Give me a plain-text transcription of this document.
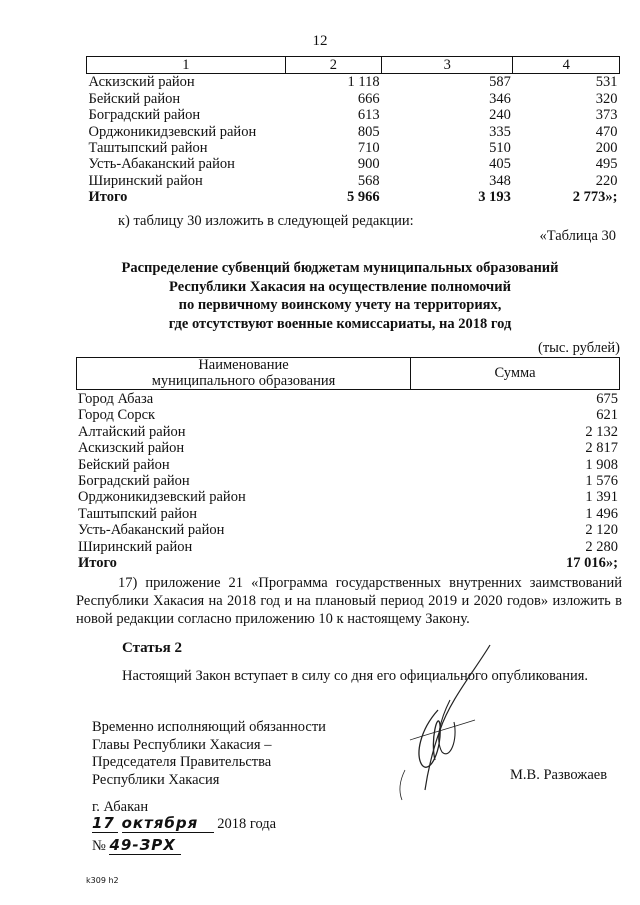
12
1	2	3	4
Аскизский район	1 118	587	531
Бейский район	666	346	320
Боградский район	613	240	373
Орджоникидзевский район	805	335	470
Таштыпский район	710	510	200
Усть-Абаканский район	900	405	495
Ширинский район	568	348	220
Итого	5 966	3 193	2 773»;
к) таблицу 30 изложить в следующей редакции:
«Таблица 30
Распределение субвенций бюджетам муниципальных образований
Республики Хакасия на осуществление полномочий
по первичному воинскому учету на территориях,
где отсутствуют военные комиссариаты, на 2018 год
(тыс. рублей)
Наименование
муниципального образования	Сумма
Город Абаза	675
Город Сорск	621
Алтайский район	2 132
Аскизский район	2 817
Бейский район	1 908
Боградский район	1 576
Орджоникидзевский район	1 391
Таштыпский район	1 496
Усть-Абаканский район	2 120
Ширинский район	2 280
Итого	17 016»;
17) приложение 21 «Программа государственных внутренних заимствований Республики Хакасия на 2018 год и на плановый период 2019 и 2020 годов» изложить в новой редакции согласно приложению 10 к настоящему Закону.
Статья 2
Настоящий Закон вступает в силу со дня его официального опубликования.
Временно исполняющий обязанности
Главы Республики Хакасия –
Председателя Правительства
Республики Хакасия	М.В. Развожаев
г. Абакан
17 октября 2018 года
№ 49-ЗРХ
k309 h2
